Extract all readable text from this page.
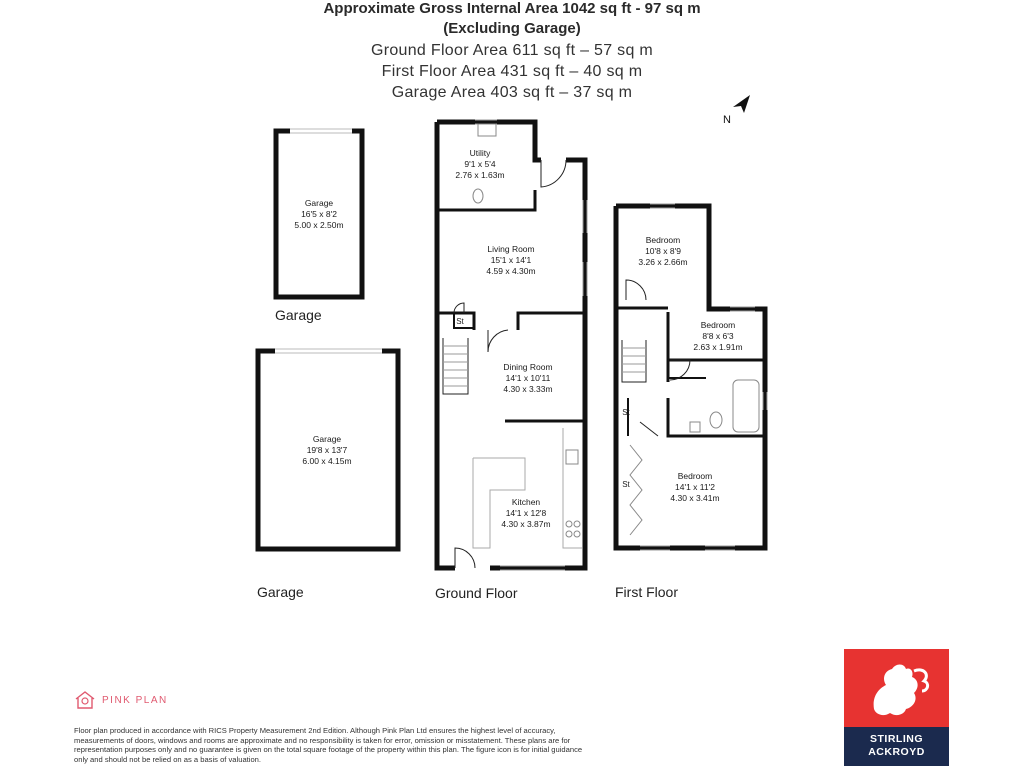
Approximate Gross Internal Area 1042 sq ft - 97 sq m
(Excluding Garage)
Ground Floor Area 611 sq ft – 57 sq m
First Floor Area 431 sq ft – 40 sq m
Garage Area 403 sq ft – 37 sq m
N
Garage
16'5 x 8'2
5.00 x 2.50m
Garage
19'8 x 13'7
6.00 x 4.15m
Utility
9'1 x 5'4
2.76 x 1.63m
Living Room
15'1 x 14'1
4.59 x 4.30m
St
Dining Room
14'1 x 10'11
4.30 x 3.33m
Kitchen
14'1 x 12'8
4.30 x 3.87m
Bedroom
10'8 x 8'9
3.26 x 2.66m
Bedroom
8'8 x 6'3
2.63 x 1.91m
St
St
Bedroom
14'1 x 11'2
4.30 x 3.41m
Garage
Garage	Ground Floor	First Floor
PINK PLAN
Floor plan produced in accordance with RICS Property Measurement 2nd Edition. Although Pink Plan Ltd ensures the highest level of accuracy, measurements of doors, windows and rooms are approximate and no responsibility is taken for error, omission or misstatement. These plans are for representation purposes only and no guarantee is given on the total square footage of the property within this plan. The figure icon is for initial guidance only and should not be relied on as a basis of valuation.
STIRLING
ACKROYD
